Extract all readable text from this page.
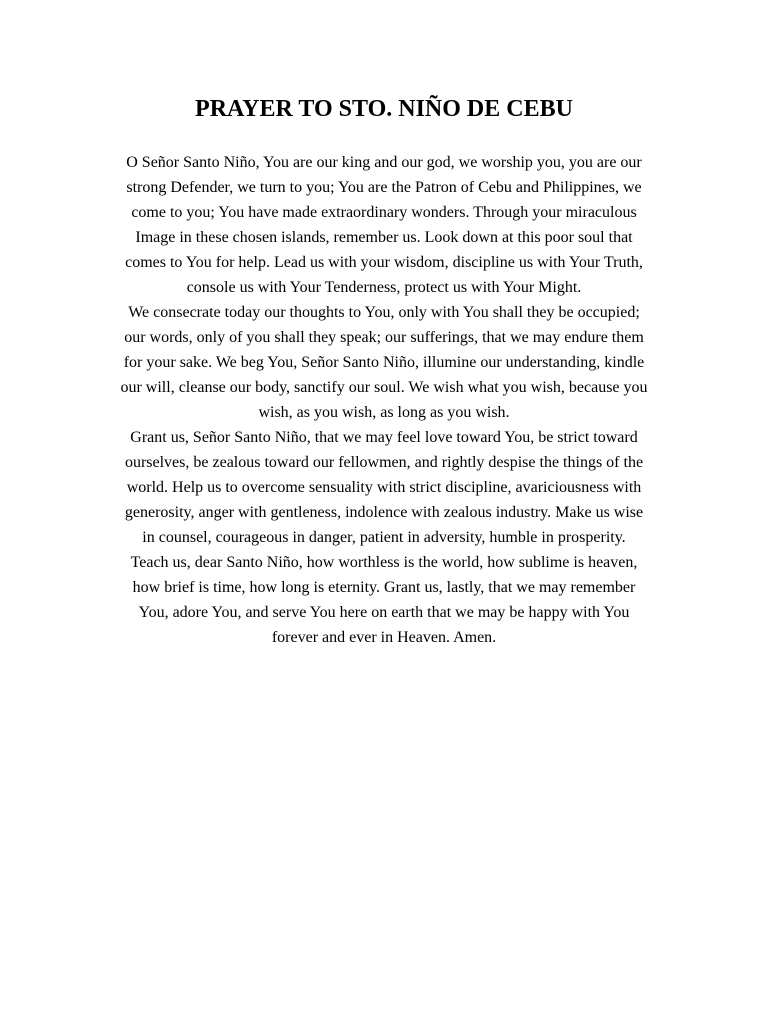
PRAYER TO STO. NIÑO DE CEBU
O Señor Santo Niño, You are our king and our god, we worship you, you are our
strong Defender, we turn to you; You are the Patron of Cebu and Philippines, we
come to you; You have made extraordinary wonders. Through your miraculous
Image in these chosen islands, remember us. Look down at this poor soul that
comes to You for help. Lead us with your wisdom, discipline us with Your Truth,
console us with Your Tenderness, protect us with Your Might.
We consecrate today our thoughts to You, only with You shall they be occupied;
our words, only of you shall they speak; our sufferings, that we may endure them
for your sake. We beg You, Señor Santo Niño, illumine our understanding, kindle
our will, cleanse our body, sanctify our soul. We wish what you wish, because you
wish, as you wish, as long as you wish.
Grant us, Señor Santo Niño, that we may feel love toward You, be strict toward
ourselves, be zealous toward our fellowmen, and rightly despise the things of the
world. Help us to overcome sensuality with strict discipline, avariciousness with
generosity, anger with gentleness, indolence with zealous industry. Make us wise
in counsel, courageous in danger, patient in adversity, humble in prosperity.
Teach us, dear Santo Niño, how worthless is the world, how sublime is heaven,
how brief is time, how long is eternity. Grant us, lastly, that we may remember
You, adore You, and serve You here on earth that we may be happy with You
forever and ever in Heaven. Amen.
